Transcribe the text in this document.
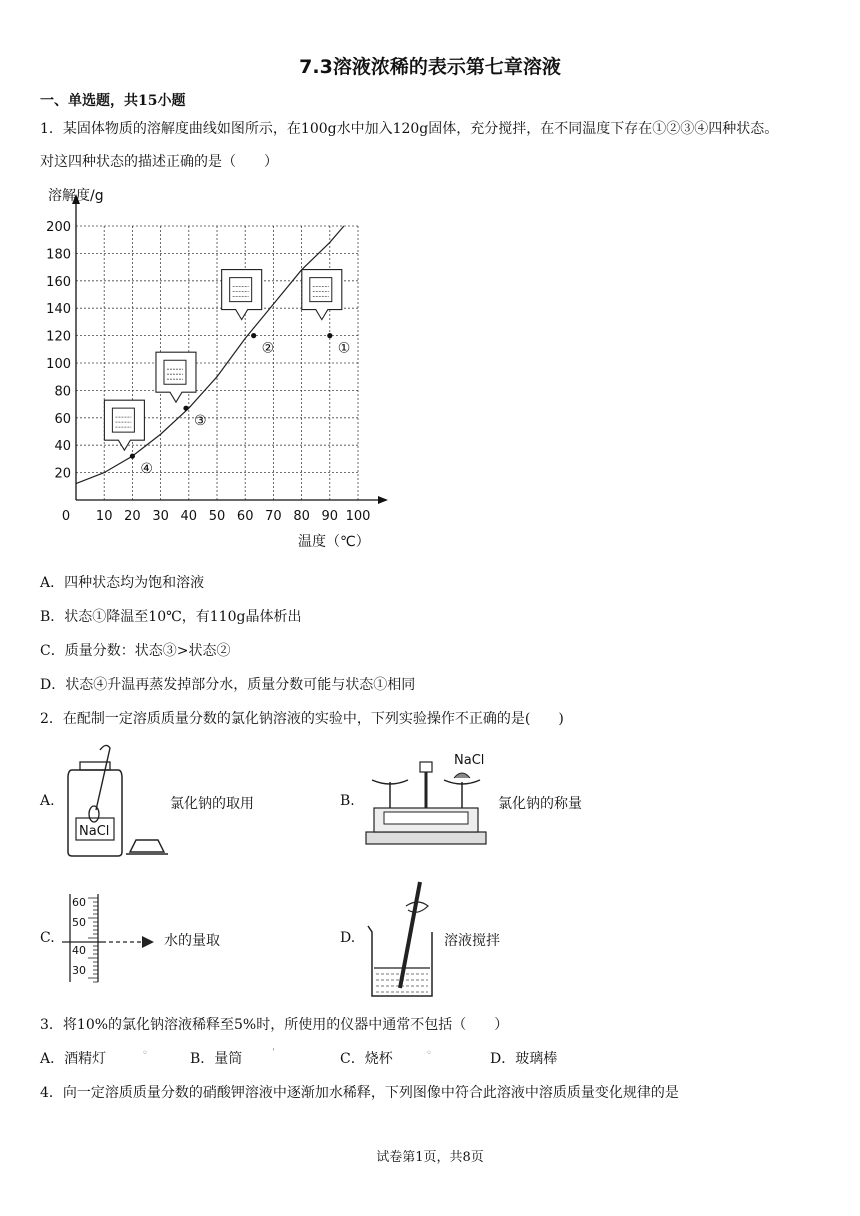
7.3溶液浓稀的表示第七章溶液
一、单选题，共15小题
1．某固体物质的溶解度曲线如图所示，在100g水中加入120g固体，充分搅拌，在不同温度下存在①②③④四种状态。
对这四种状态的描述正确的是（　　）
20
40
60
80
100
120
140
160
180
200
0 10 20 30 40 50 60 70 80 90 100
①
②
③
④
溶解度/g
温度（℃）
A．四种状态均为饱和溶液
B．状态①降温至10℃，有110g晶体析出
C．质量分数：状态③>状态②
D．状态④升温再蒸发掉部分水，质量分数可能与状态①相同
2．在配制一定溶质质量分数的氯化钠溶液的实验中，下列实验操作不正确的是(　　)
A.
NaCl
氯化钠的取用	B.
NaCl
氯化钠的称量
C.
60
50
40
30
水的量取	D.	溶液搅拌
3．将10%的氯化钠溶液稀释至5%时，所使用的仪器中通常不包括（　　）
A．酒精灯	◦	B．量筒	ˈ	C．烧杯	◦	D．玻璃棒
4．向一定溶质质量分数的硝酸钾溶液中逐渐加水稀释，下列图像中符合此溶液中溶质质量变化规律的是
试卷第1页，共8页
